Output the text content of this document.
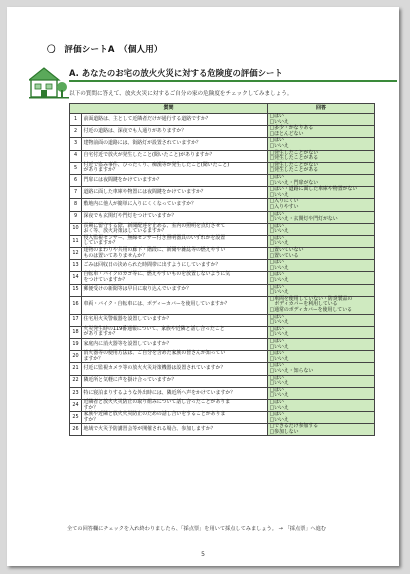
〇　評価シートA　（個人用）
A. あなたのお宅の放火火災に対する危険度の評価シート
以下の質問に答えて、放火火災に対するご自分の家の危険度をチェックしてみましょう。
質問		回答
1	前面道路は、主として近隣者だけが通行する道路ですか？	□はい
□いいえ

2	付近の道路は、深夜でも人通りがありますか？	□多少・かなりある
□ほとんどない

3	建物前面の道路には、街路灯が設置されていますか？	□はい
□いいえ

4	自宅付近で放火が発生したこと(聞いたこと)がありますか？	□発生したことがない
□発生したことがある

5	付近で盗み事件、ひったくり、痴漢等が発生したこと(聞いたこと)
がありますか？	□発生したことがない
□発生したことがある

6	門扉には夜間鍵をかけていますか？	□はい
□いいえ・門扉がない

7	道路に面した車庫や物置には夜間鍵をかけていますか？	□はい・道路に面した車庫や物置がない
□いいえ

8	敷地内に他人が簡単に入りにくくなっていますか？	□入りにくい
□入りやすい

9	深夜でも玄関灯や門灯をつけていますか？	□はい
□いいえ・玄関灯や門灯がない

10	長期に留守する際、新聞配達を止める、室内の照明を点灯させて
おく等、放火対策はしているますか？	□はい
□いいえ

11	侵入監視センサー、無線センサー付き照明器具のいずれかを設置
していますか？	□はい
□いいえ

12	建物のまわりや共用の廊下・階段に、新聞や雑誌等の燃えやすい
ものは置いてありませんか？	□置いていない
□置いている

13	ごみは回収日の決められた時間帯に出すようにしていますか？	□はい
□いいえ

14	自転車・バイクのカゴ等に、燃えやすいものを放置しないように気
をつけていますか？	□はい
□いいえ

15	郵便受けの新聞等は早目に取り込んでいますか？	□はい
□いいえ

16	車両・バイク・自転車には、ボディーカバーを使用していますか？	□車両を使用していない・防炎製品の
　ボディカバーを利用している
□通常のボディカバーを使用している

17	住宅用火災警報器を設置していますか？	□はい
□いいえ

18	火災発生時の119番通報について、家族や近隣と話し合ったこと
がありますか？	□はい
□いいえ

19	家庭内に消火器等を設置していますか？	□はい
□いいえ

20	消火器等の使用方法は、ご自分を含めた家族の皆さんが知ってい
ますか？	□はい
□いいえ

21	付近に監視カメラ等の放火火災対策機器は設置されていますか？	□はい
□いいえ・知らない

22	隣近所と気軽に声を掛け合っていますか？	□はい
□いいえ

23	特に寝泊まりするような外出時には、隣近所へ声をかけていますか？	□はい
□いいえ

24	近隣者と放火火災防止の取り組みについて話し合ったことがありま
すか？	□はい
□いいえ

25	家族や近隣と放火火災防止のための話し合いをすることがありま
すか？	□はい
□いいえ

26	地域で火災予防講習会等が開催される場合、参加しますか？	□できるだけ参加する
□参加しない
全ての回答欄にチェックを入れ終わりましたら、「採点票」を用いて採点してみましょう。 → 「採点票」へ進む
5
